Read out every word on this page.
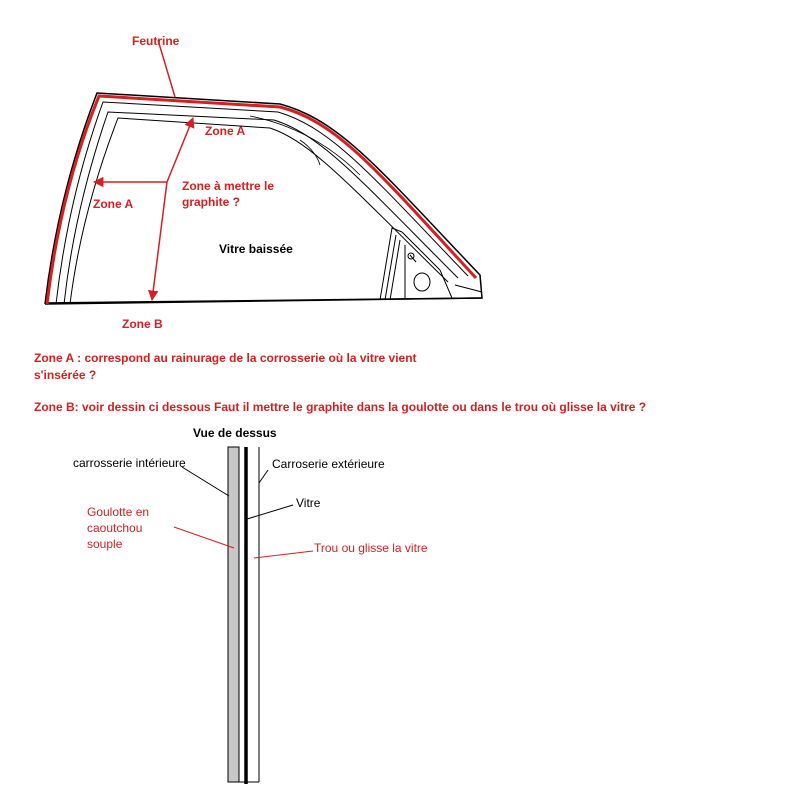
Feutrine
Zone A
Zone à mettre le
graphite ?
Zone A
Vitre baissée
Zone B
Zone A : correspond au rainurage de la corrosserie où la vitre vient
s'insérée ?
Zone B: voir dessin ci dessous Faut il mettre le graphite dans la goulotte ou dans le trou où glisse la vitre ?
Vue de dessus
carrosserie intérieure	Carroserie extérieure
Vitre
Goulotte en
caoutchou
souple	Trou ou glisse la vitre
